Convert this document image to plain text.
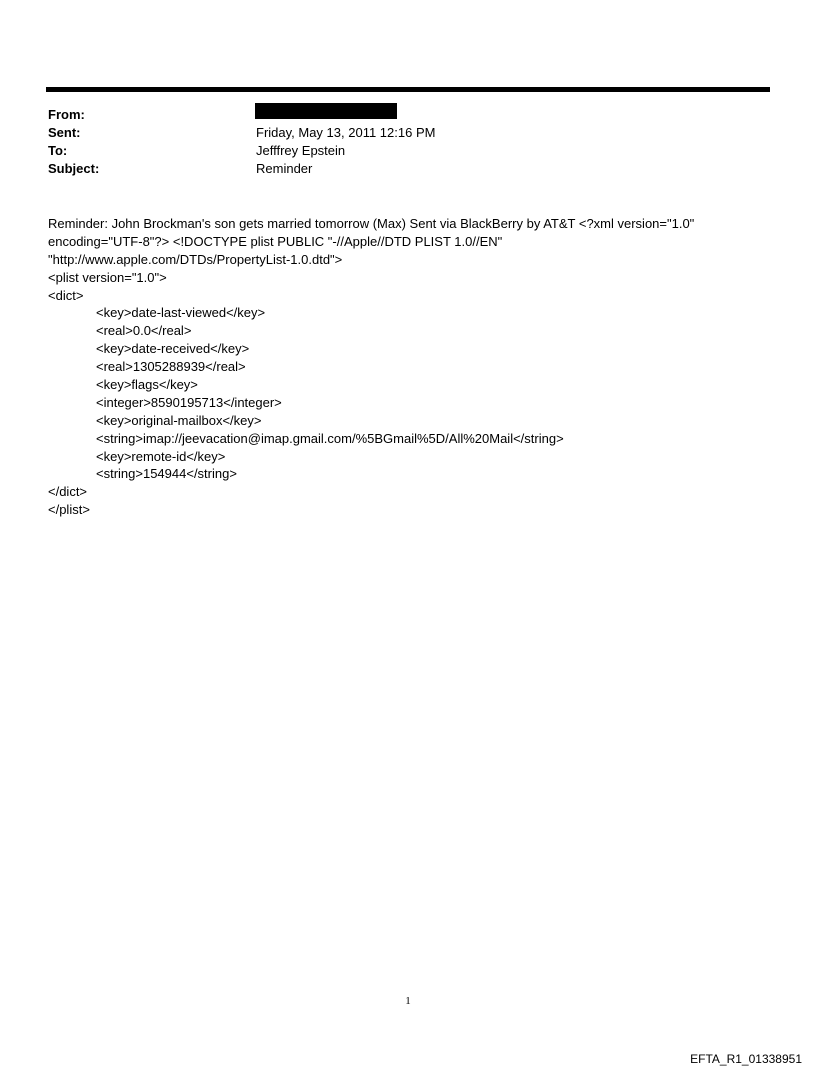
From:
Sent:	Friday, May 13, 2011 12:16 PM
To:	Jefffrey Epstein
Subject:	Reminder
Reminder: John Brockman's son gets married tomorrow (Max) Sent via BlackBerry by AT&T <?xml version="1.0"
encoding="UTF-8"?> <!DOCTYPE plist PUBLIC "-//Apple//DTD PLIST 1.0//EN"
"http://www.apple.com/DTDs/PropertyList-1.0.dtd">
<plist version="1.0">
<dict>
<key>date-last-viewed</key>
<real>0.0</real>
<key>date-received</key>
<real>1305288939</real>
<key>flags</key>
<integer>8590195713</integer>
<key>original-mailbox</key>
<string>imap://jeevacation@imap.gmail.com/%5BGmail%5D/All%20Mail</string>
<key>remote-id</key>
<string>154944</string>
</dict>
</plist>
1
EFTA_R1_01338951
